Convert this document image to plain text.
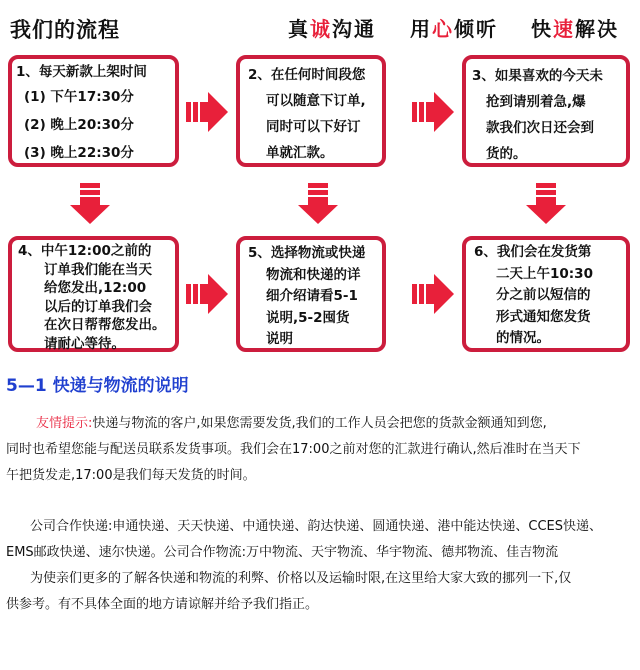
我们的流程	真诚沟通 用心倾听 快速解决
1、每天新款上架时间
(1) 下午17:30分
(2) 晚上20:30分
(3) 晚上22:30分
2、在任何时间段您
可以随意下订单,
同时可以下好订
单就汇款。
3、如果喜欢的今天未
抢到请别着急,爆
款我们次日还会到
货的。
4、中午12:00之前的
订单我们能在当天
给您发出,12:00
以后的订单我们会
在次日帮帮您发出。
请耐心等待。
5、选择物流或快递
物流和快递的详
细介绍请看5-1
说明,5-2囤货
说明
6、我们会在发货第
二天上午10:30
分之前以短信的
形式通知您发货
的情况。
5—1 快递与物流的说明
友情提示:快递与物流的客户,如果您需要发货,我们的工作人员会把您的货款金额通知到您,
同时也希望您能与配送员联系发货事项。我们会在17:00之前对您的汇款进行确认,然后准时在当天下
午把货发走,17:00是我们每天发货的时间。
公司合作快递:申通快递、天天快递、中通快递、韵达快递、圆通快递、港中能达快递、CCES快递、
EMS邮政快递、速尔快递。公司合作物流:万中物流、天宇物流、华宇物流、德邦物流、佳吉物流
为使亲们更多的了解各快递和物流的利弊、价格以及运输时限,在这里给大家大致的挪列一下,仅
供参考。有不具体全面的地方请谅解并给予我们指正。
